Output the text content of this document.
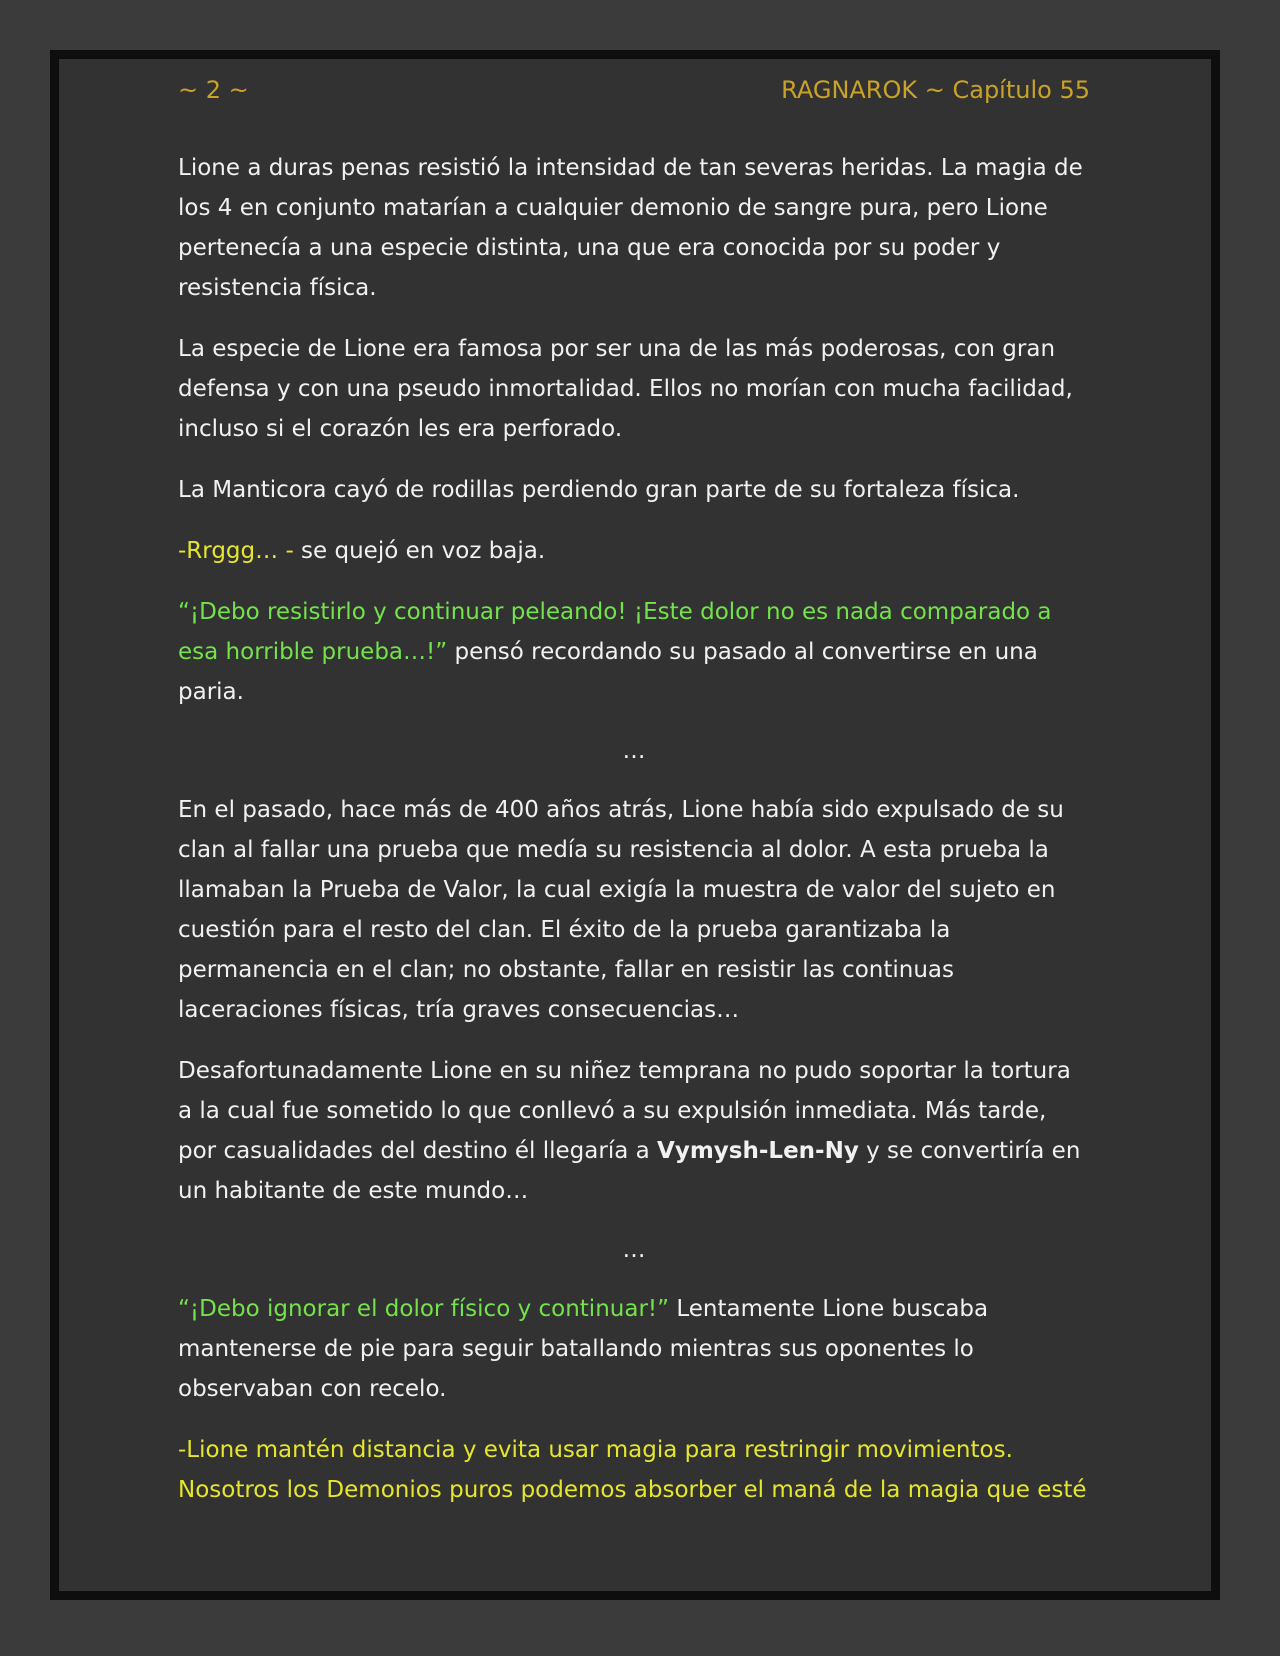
~ 2 ~	RAGNAROK ~ Capítulo 55

Lione a duras penas resistió la intensidad de tan severas heridas. La magia de los 4 en conjunto matarían a cualquier demonio de sangre pura, pero Lione pertenecía a una especie distinta, una que era conocida por su poder y resistencia física.

La especie de Lione era famosa por ser una de las más poderosas, con gran defensa y con una pseudo inmortalidad. Ellos no morían con mucha facilidad, incluso si el corazón les era perforado.

La Manticora cayó de rodillas perdiendo gran parte de su fortaleza física.

-Rrggg… - se quejó en voz baja.

“¡Debo resistirlo y continuar peleando! ¡Este dolor no es nada comparado a esa horrible prueba…!” pensó recordando su pasado al convertirse en una paria.

…

En el pasado, hace más de 400 años atrás, Lione había sido expulsado de su clan al fallar una prueba que medía su resistencia al dolor. A esta prueba la llamaban la Prueba de Valor, la cual exigía la muestra de valor del sujeto en cuestión para el resto del clan. El éxito de la prueba garantizaba la permanencia en el clan; no obstante, fallar en resistir las continuas laceraciones físicas, tría graves consecuencias…

Desafortunadamente Lione en su niñez temprana no pudo soportar la tortura a la cual fue sometido lo que conllevó a su expulsión inmediata. Más tarde, por casualidades del destino él llegaría a Vymysh-Len-Ny y se convertiría en un habitante de este mundo…

…

“¡Debo ignorar el dolor físico y continuar!” Lentamente Lione buscaba mantenerse de pie para seguir batallando mientras sus oponentes lo observaban con recelo.

-Lione mantén distancia y evita usar magia para restringir movimientos. Nosotros los Demonios puros podemos absorber el maná de la magia que esté
